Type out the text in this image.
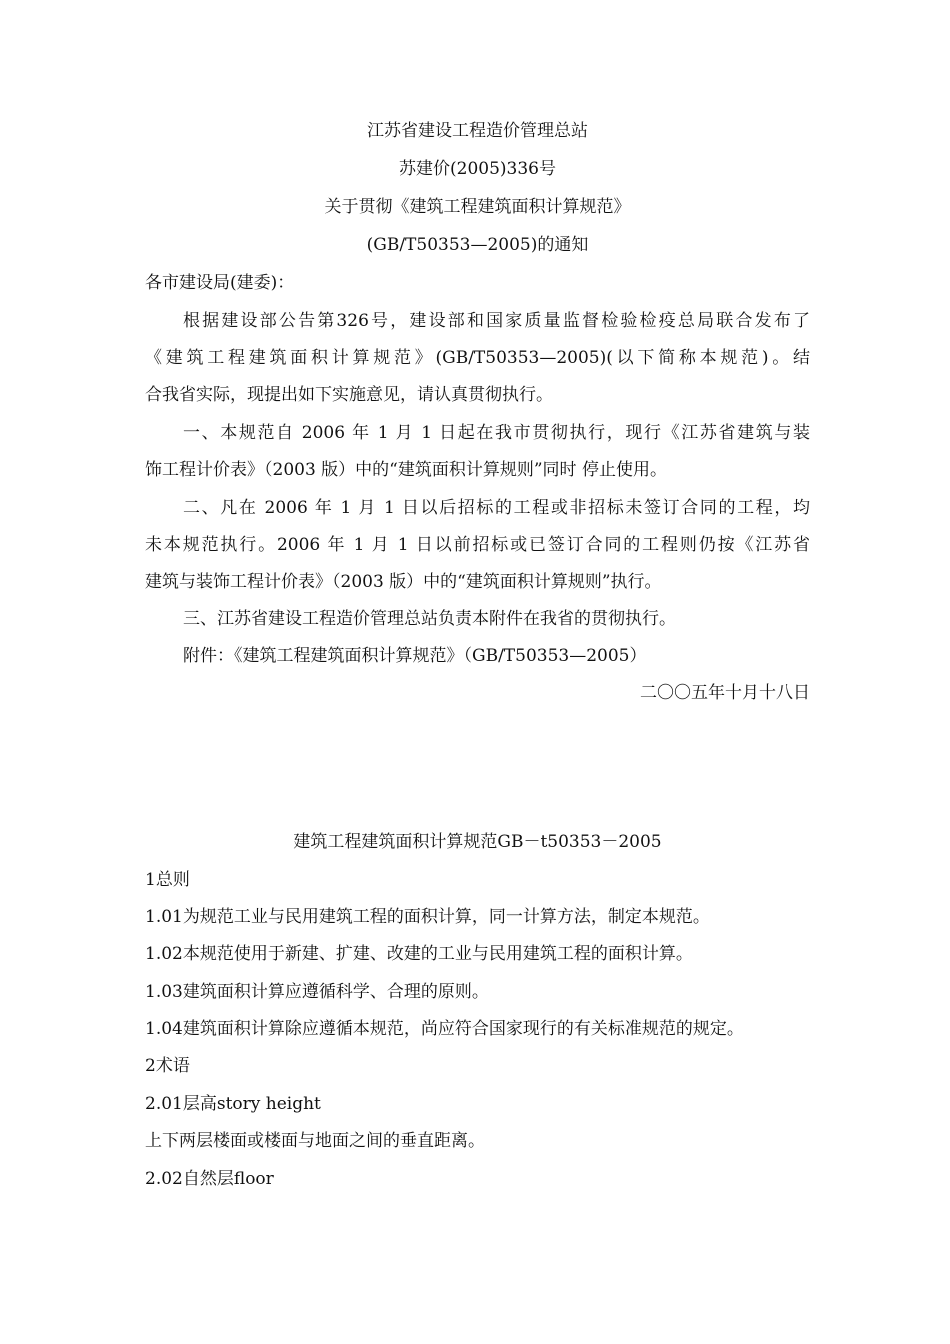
江苏省建设工程造价管理总站
苏建价(2005)336号
关于贯彻《建筑工程建筑面积计算规范》
(GB/T50353—2005)的通知
各市建设局(建委)：
根据建设部公告第326号，建设部和国家质量监督检验检疫总局联合发布了
《建筑工程建筑面积计算规范》(GB/T50353—2005)(以下简称本规范)。结
合我省实际，现提出如下实施意见，请认真贯彻执行。
一、本规范自 2006 年 1 月 1 日起在我市贯彻执行，现行《江苏省建筑与装
饰工程计价表》（2003 版）中的“建筑面积计算规则”同时 停止使用。
二、凡在 2006 年 1 月 1 日以后招标的工程或非招标未签订合同的工程，均
未本规范执行。2006 年 1 月 1 日以前招标或已签订合同的工程则仍按《江苏省
建筑与装饰工程计价表》（2003 版）中的“建筑面积计算规则”执行。
三、江苏省建设工程造价管理总站负责本附件在我省的贯彻执行。
附件：《建筑工程建筑面积计算规范》（GB/T50353—2005）
二〇〇五年十月十八日
建筑工程建筑面积计算规范GB－t50353－2005
1总则
1.01为规范工业与民用建筑工程的面积计算，同一计算方法，制定本规范。
1.02本规范使用于新建、扩建、改建的工业与民用建筑工程的面积计算。
1.03建筑面积计算应遵循科学、合理的原则。
1.04建筑面积计算除应遵循本规范，尚应符合国家现行的有关标准规范的规定。
2术语
2.01层高story height
上下两层楼面或楼面与地面之间的垂直距离。
2.02自然层floor
